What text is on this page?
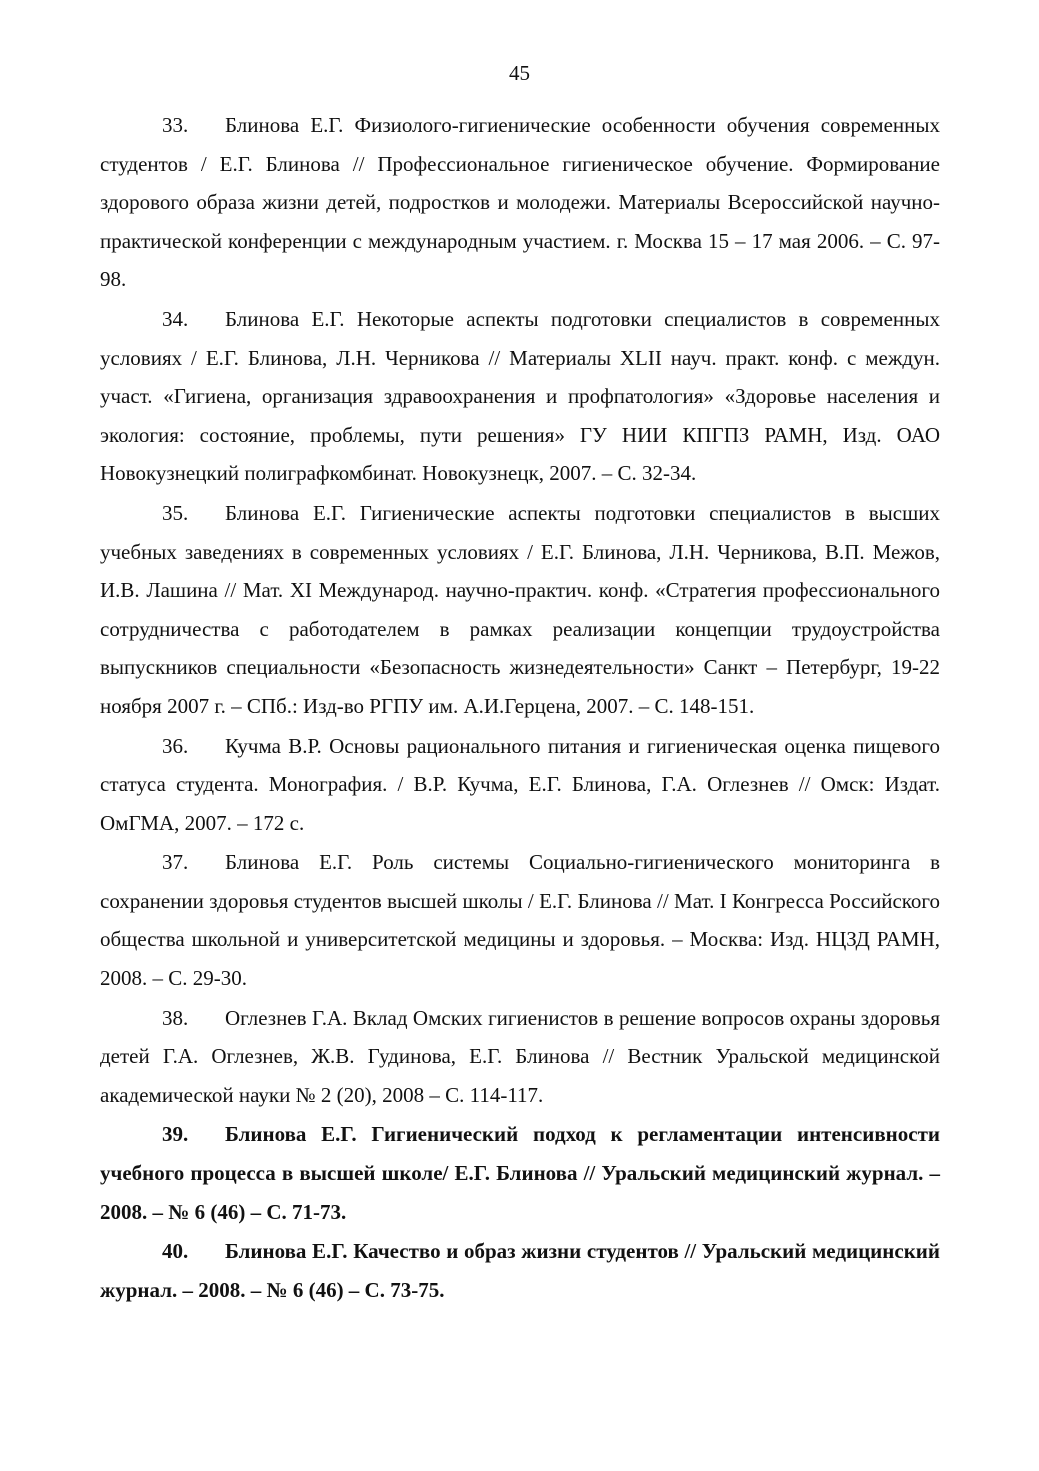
45
33. Блинова Е.Г. Физиолого-гигиенические особенности обучения современных студентов / Е.Г. Блинова // Профессиональное гигиеническое обучение. Формирование здорового образа жизни детей, подростков и молодежи. Материалы Всероссийской научно-практической конференции с международным участием. г. Москва 15 – 17 мая 2006. – С. 97-98.
34. Блинова Е.Г. Некоторые аспекты подготовки специалистов в современных условиях / Е.Г. Блинова, Л.Н. Черникова // Материалы XLII науч. практ. конф. с междун. участ. «Гигиена, организация здравоохранения и профпатология» «Здоровье населения и экология: состояние, проблемы, пути решения» ГУ НИИ КПГПЗ РАМН, Изд. ОАО Новокузнецкий полиграфкомбинат. Новокузнецк, 2007. – С. 32-34.
35. Блинова Е.Г. Гигиенические аспекты подготовки специалистов в высших учебных заведениях в современных условиях / Е.Г. Блинова, Л.Н. Черникова, В.П. Межов, И.В. Лашина // Мат. XI Международ. научно-практич. конф. «Стратегия профессионального сотрудничества с работодателем в рамках реализации концепции трудоустройства выпускников специальности «Безопасность жизнедеятельности» Санкт – Петербург, 19-22 ноября 2007 г. – СПб.: Изд-во РГПУ им. А.И.Герцена, 2007. – С. 148-151.
36. Кучма В.Р. Основы рационального питания и гигиеническая оценка пищевого статуса студента. Монография. / В.Р. Кучма, Е.Г. Блинова, Г.А. Оглезнев // Омск: Издат. ОмГМА, 2007. – 172 с.
37. Блинова Е.Г. Роль системы Социально-гигиенического мониторинга в сохранении здоровья студентов высшей школы / Е.Г. Блинова // Мат. I Конгресса Российского общества школьной и университетской медицины и здоровья. – Москва: Изд. НЦЗД РАМН, 2008. – С. 29-30.
38. Оглезнев Г.А. Вклад Омских гигиенистов в решение вопросов охраны здоровья детей Г.А. Оглезнев, Ж.В. Гудинова, Е.Г. Блинова // Вестник Уральской медицинской академической науки № 2 (20), 2008 – С. 114-117.
39. Блинова Е.Г. Гигиенический подход к регламентации интенсивности учебного процесса в высшей школе/ Е.Г. Блинова // Уральский медицинский журнал. – 2008. – № 6 (46) – С. 71-73.
40. Блинова Е.Г. Качество и образ жизни студентов // Уральский медицинский журнал. – 2008. – № 6 (46) – С. 73-75.
